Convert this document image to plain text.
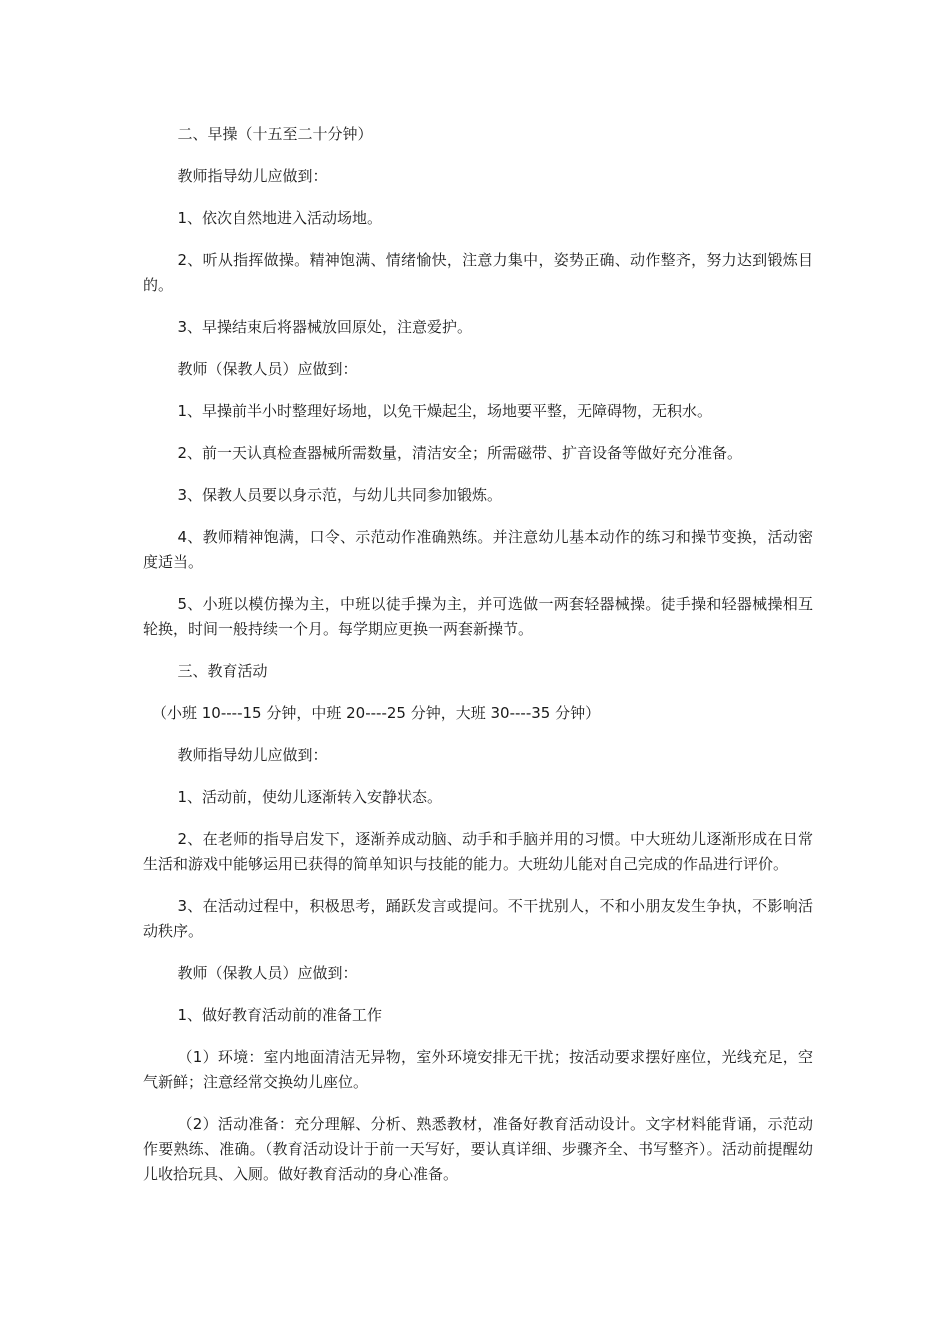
二、早操（十五至二十分钟）

教师指导幼儿应做到：

1、依次自然地进入活动场地。

2、听从指挥做操。精神饱满、情绪愉快，注意力集中，姿势正确、动作整齐，努力达到锻炼目的。

3、早操结束后将器械放回原处，注意爱护。

教师（保教人员）应做到：

1、早操前半小时整理好场地，以免干燥起尘，场地要平整，无障碍物，无积水。

2、前一天认真检查器械所需数量，清洁安全；所需磁带、扩音设备等做好充分准备。

3、保教人员要以身示范，与幼儿共同参加锻炼。

4、教师精神饱满，口令、示范动作准确熟练。并注意幼儿基本动作的练习和操节变换，活动密度适当。

5、小班以模仿操为主，中班以徒手操为主，并可选做一两套轻器械操。徒手操和轻器械操相互轮换，时间一般持续一个月。每学期应更换一两套新操节。

三、教育活动

（小班 10----15 分钟，中班 20----25 分钟，大班 30----35 分钟）

教师指导幼儿应做到：

1、活动前，使幼儿逐渐转入安静状态。

2、在老师的指导启发下，逐渐养成动脑、动手和手脑并用的习惯。中大班幼儿逐渐形成在日常生活和游戏中能够运用已获得的简单知识与技能的能力。大班幼儿能对自己完成的作品进行评价。

3、在活动过程中，积极思考，踊跃发言或提问。不干扰别人，不和小朋友发生争执，不影响活动秩序。

教师（保教人员）应做到：

1、做好教育活动前的准备工作

（1）环境：室内地面清洁无异物，室外环境安排无干扰；按活动要求摆好座位，光线充足，空气新鲜；注意经常交换幼儿座位。

（2）活动准备：充分理解、分析、熟悉教材，准备好教育活动设计。文字材料能背诵，示范动作要熟练、准确。（教育活动设计于前一天写好，要认真详细、步骤齐全、书写整齐）。活动前提醒幼儿收拾玩具、入厕。做好教育活动的身心准备。
